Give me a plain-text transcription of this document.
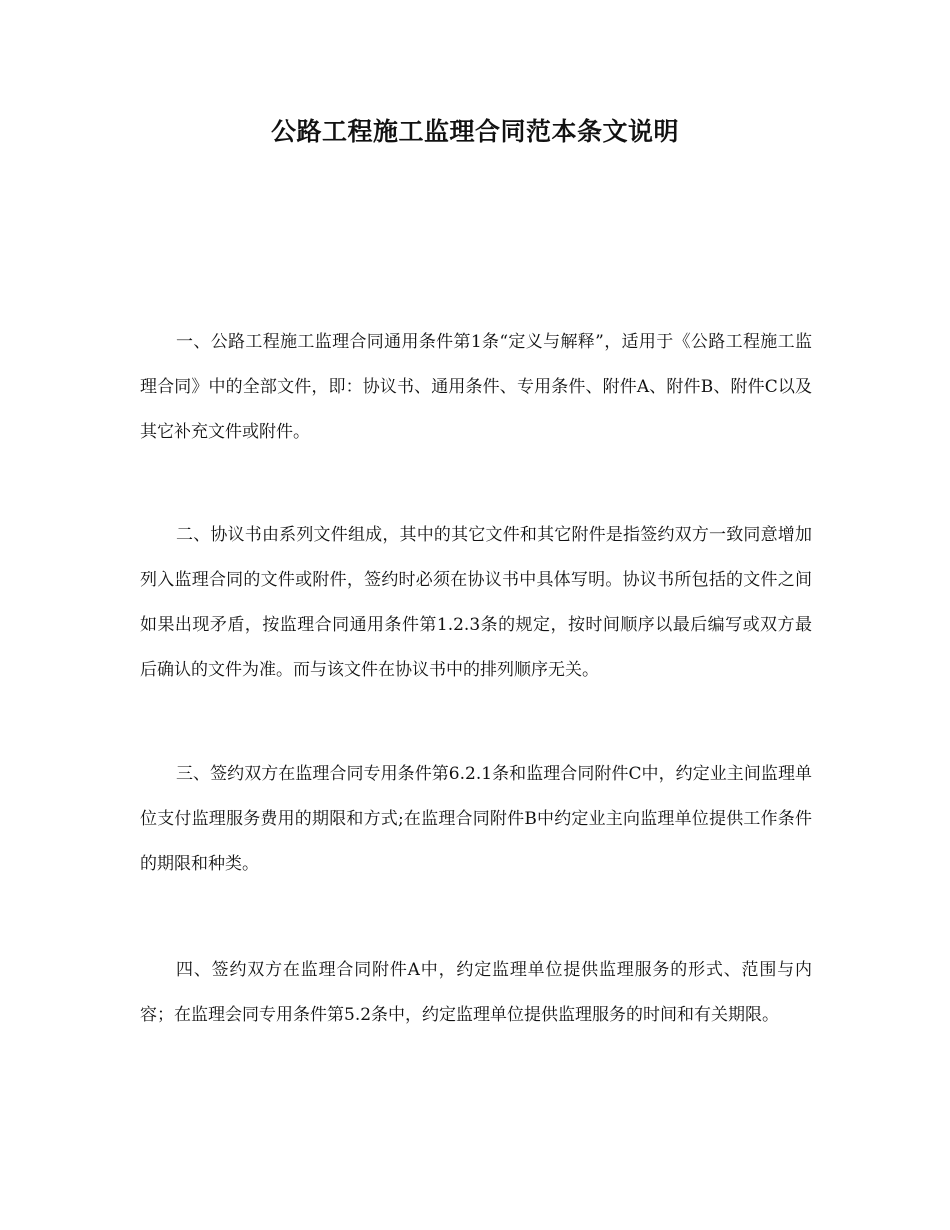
公路工程施工监理合同范本条文说明

一、公路工程施工监理合同通用条件第1条“定义与解释”，适用于《公路工程施工监理合同》中的全部文件，即：协议书、通用条件、专用条件、附件A、附件B、附件C以及其它补充文件或附件。

二、协议书由系列文件组成，其中的其它文件和其它附件是指签约双方一致同意增加列入监理合同的文件或附件，签约时必须在协议书中具体写明。协议书所包括的文件之间如果出现矛盾，按监理合同通用条件第1.2.3条的规定，按时间顺序以最后编写或双方最后确认的文件为准。而与该文件在协议书中的排列顺序无关。

三、签约双方在监理合同专用条件第6.2.1条和监理合同附件C中，约定业主间监理单位支付监理服务费用的期限和方式;在监理合同附件B中约定业主向监理单位提供工作条件的期限和种类。

四、签约双方在监理合同附件A中，约定监理单位提供监理服务的形式、范围与内容；在监理会同专用条件第5.2条中，约定监理单位提供监理服务的时间和有关期限。
